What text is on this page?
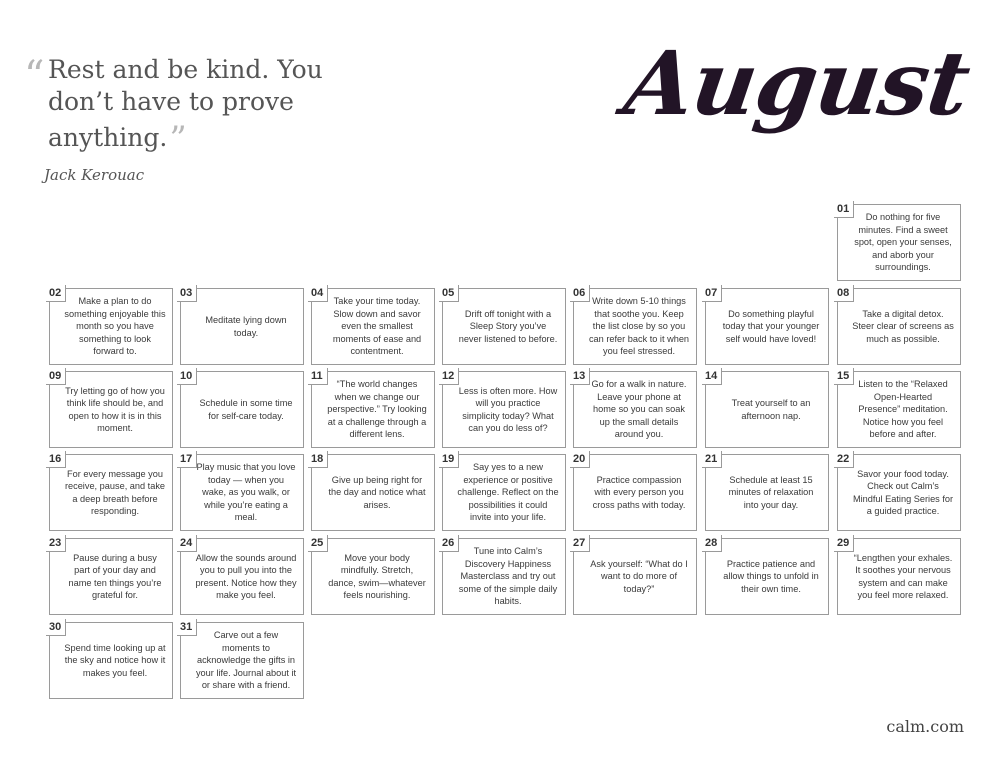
“ Rest and be kind. You don’t have to prove anything.”

Jack Kerouac
August
01
Do nothing for five minutes. Find a sweet spot, open your senses, and aborb your surroundings.
02
Make a plan to do something enjoyable this month so you have something to look forward to.
03
Meditate lying down today.
04
Take your time today. Slow down and savor even the smallest moments of ease and contentment.
05
Drift off tonight with a Sleep Story you’ve never listened to before.
06
Write down 5-10 things that soothe you. Keep the list close by so you can refer back to it when you feel stressed.
07
Do something playful today that your younger self would have loved!
08
Take a digital detox. Steer clear of screens as much as possible.
09
Try letting go of how you think life should be, and open to how it is in this moment.
10
Schedule in some time for self-care today.
11
“The world changes when we change our perspective.” Try looking at a challenge through a different lens.
12
Less is often more. How will you practice simplicity today? What can you do less of?
13
Go for a walk in nature. Leave your phone at home so you can soak up the small details around you.
14
Treat yourself to an afternoon nap.
15
Listen to the “Relaxed Open-Hearted Presence” meditation. Notice how you feel before and after.
16
For every message you receive, pause, and take a deep breath before responding.
17
Play music that you love today — when you wake, as you walk, or while you’re eating a meal.
18
Give up being right for the day and notice what arises.
19
Say yes to a new experience or positive challenge. Reflect on the possibilities it could invite into your life.
20
Practice compassion with every person you cross paths with today.
21
Schedule at least 15 minutes of relaxation into your day.
22
Savor your food today. Check out Calm’s Mindful Eating Series for a guided practice.
23
Pause during a busy part of your day and name ten things you’re grateful for.
24
Allow the sounds around you to pull you into the present. Notice how they make you feel.
25
Move your body mindfully. Stretch, dance, swim—whatever feels nourishing.
26
Tune into Calm’s Discovery Happiness Masterclass and try out some of the simple daily habits.
27
Ask yourself: “What do I want to do more of today?”
28
Practice patience and allow things to unfold in their own time.
29
“Lengthen your exhales. It soothes your nervous system and can make you feel more relaxed.
30
Spend time looking up at the sky and notice how it makes you feel.
31
Carve out a few moments to acknowledge the gifts in your life. Journal about it or share with a friend.
calm.com
